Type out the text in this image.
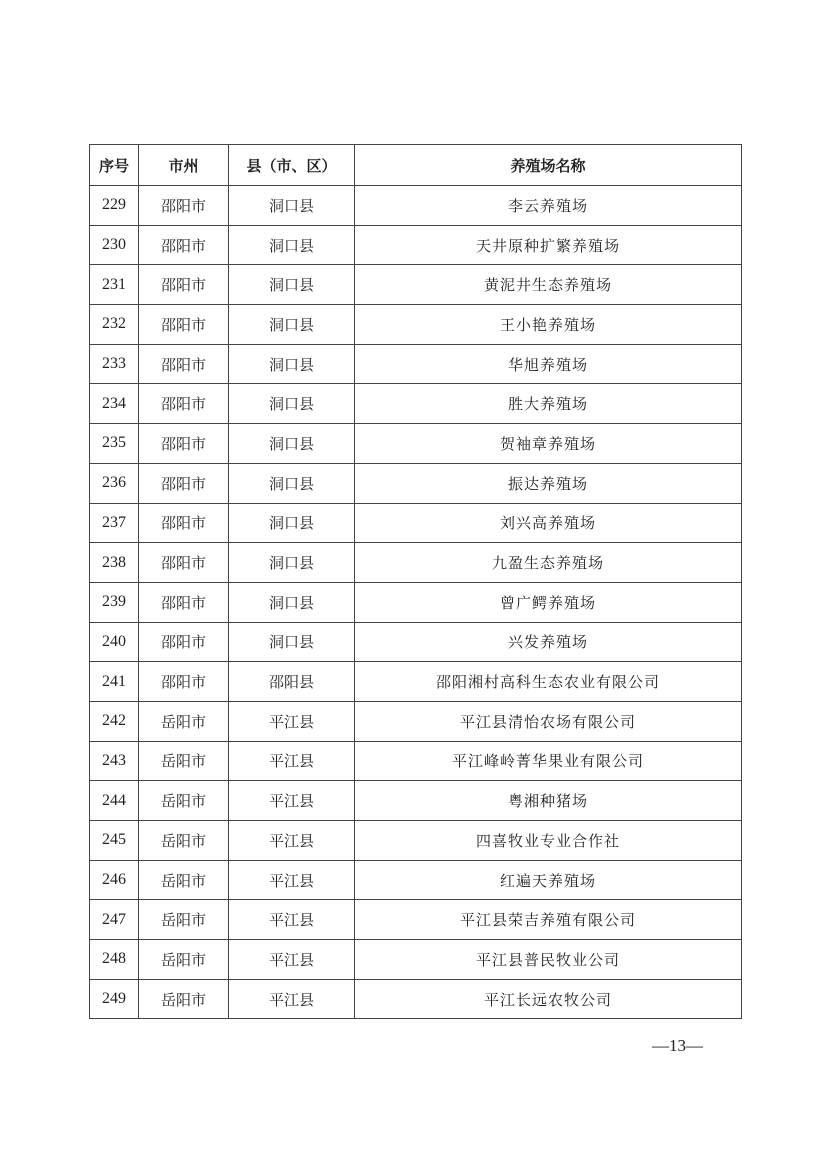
序号	市州	县（市、区）	养殖场名称
229	邵阳市	洞口县	李云养殖场
230	邵阳市	洞口县	天井原种扩繁养殖场
231	邵阳市	洞口县	黄泥井生态养殖场
232	邵阳市	洞口县	王小艳养殖场
233	邵阳市	洞口县	华旭养殖场
234	邵阳市	洞口县	胜大养殖场
235	邵阳市	洞口县	贺袖章养殖场
236	邵阳市	洞口县	振达养殖场
237	邵阳市	洞口县	刘兴高养殖场
238	邵阳市	洞口县	九盈生态养殖场
239	邵阳市	洞口县	曾广鳄养殖场
240	邵阳市	洞口县	兴发养殖场
241	邵阳市	邵阳县	邵阳湘村高科生态农业有限公司
242	岳阳市	平江县	平江县清怡农场有限公司
243	岳阳市	平江县	平江峰岭菁华果业有限公司
244	岳阳市	平江县	粤湘种猪场
245	岳阳市	平江县	四喜牧业专业合作社
246	岳阳市	平江县	红遍天养殖场
247	岳阳市	平江县	平江县荣吉养殖有限公司
248	岳阳市	平江县	平江县普民牧业公司
249	岳阳市	平江县	平江长远农牧公司
—13—
